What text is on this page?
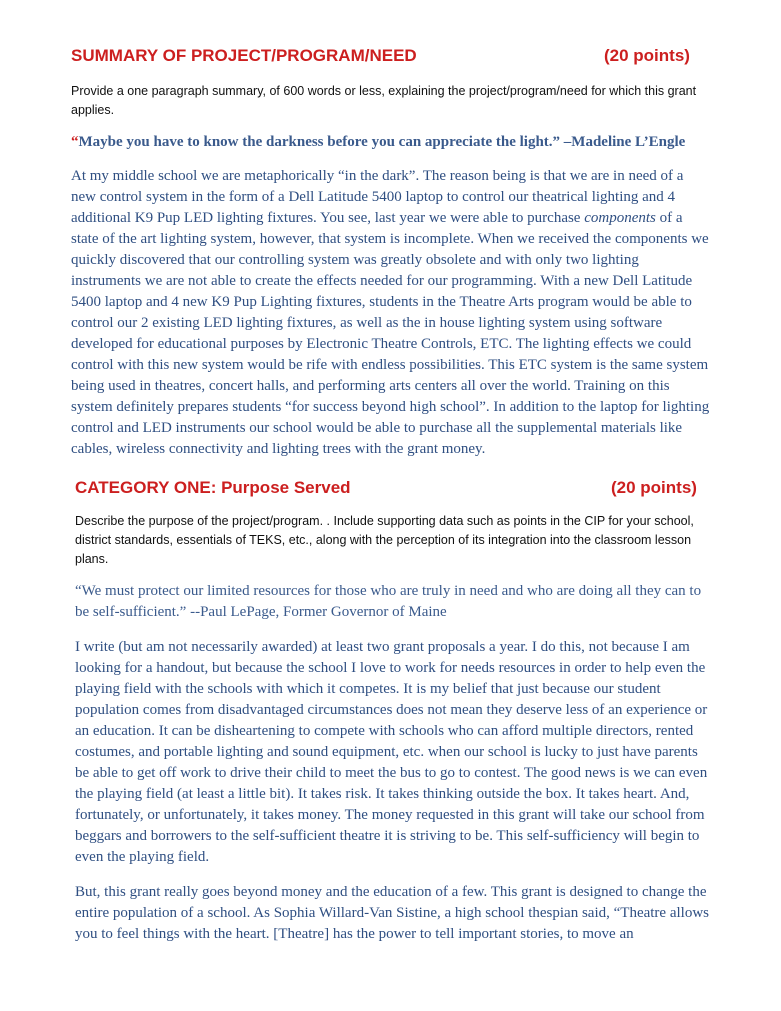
SUMMARY OF PROJECT/PROGRAM/NEED	(20 points)
Provide a one paragraph summary, of 600 words or less, explaining the project/program/need for which this grant applies.
“Maybe you have to know the darkness before you can appreciate the light.” –Madeline L’Engle

At my middle school we are metaphorically “in the dark”. The reason being is that we are in need of a new control system in the form of a Dell Latitude 5400 laptop to control our theatrical lighting and 4 additional K9 Pup LED lighting fixtures. You see, last year we were able to purchase components of a state of the art lighting system, however, that system is incomplete. When we received the components we quickly discovered that our controlling system was greatly obsolete and with only two lighting instruments we are not able to create the effects needed for our programming. With a new Dell Latitude 5400 laptop and 4 new K9 Pup Lighting fixtures, students in the Theatre Arts program would be able to control our 2 existing LED lighting fixtures, as well as the in house lighting system using software developed for educational purposes by Electronic Theatre Controls, ETC. The lighting effects we could control with this new system would be rife with endless possibilities. This ETC system is the same system being used in theatres, concert halls, and performing arts centers all over the world. Training on this system definitely prepares students “for success beyond high school”. In addition to the laptop for lighting control and LED instruments our school would be able to purchase all the supplemental materials like cables, wireless connectivity and lighting trees with the grant money.

CATEGORY ONE: Purpose Served	(20 points)
Describe the purpose of the project/program. . Include supporting data such as points in the CIP for your school, district standards, essentials of TEKS, etc., along with the perception of its integration into the classroom lesson plans.
“We must protect our limited resources for those who are truly in need and who are doing all they can to be self-sufficient.” --Paul LePage, Former Governor of Maine

I write (but am not necessarily awarded) at least two grant proposals a year. I do this, not because I am looking for a handout, but because the school I love to work for needs resources in order to help even the playing field with the schools with which it competes. It is my belief that just because our student population comes from disadvantaged circumstances does not mean they deserve less of an experience or an education. It can be disheartening to compete with schools who can afford multiple directors, rented costumes, and portable lighting and sound equipment, etc. when our school is lucky to just have parents be able to get off work to drive their child to meet the bus to go to contest. The good news is we can even the playing field (at least a little bit). It takes risk. It takes thinking outside the box. It takes heart. And, fortunately, or unfortunately, it takes money. The money requested in this grant will take our school from beggars and borrowers to the self-sufficient theatre it is striving to be. This self-sufficiency will begin to even the playing field.

But, this grant really goes beyond money and the education of a few. This grant is designed to change the entire population of a school. As Sophia Willard-Van Sistine, a high school thespian said, “Theatre allows you to feel things with the heart. [Theatre] has the power to tell important stories, to move an
